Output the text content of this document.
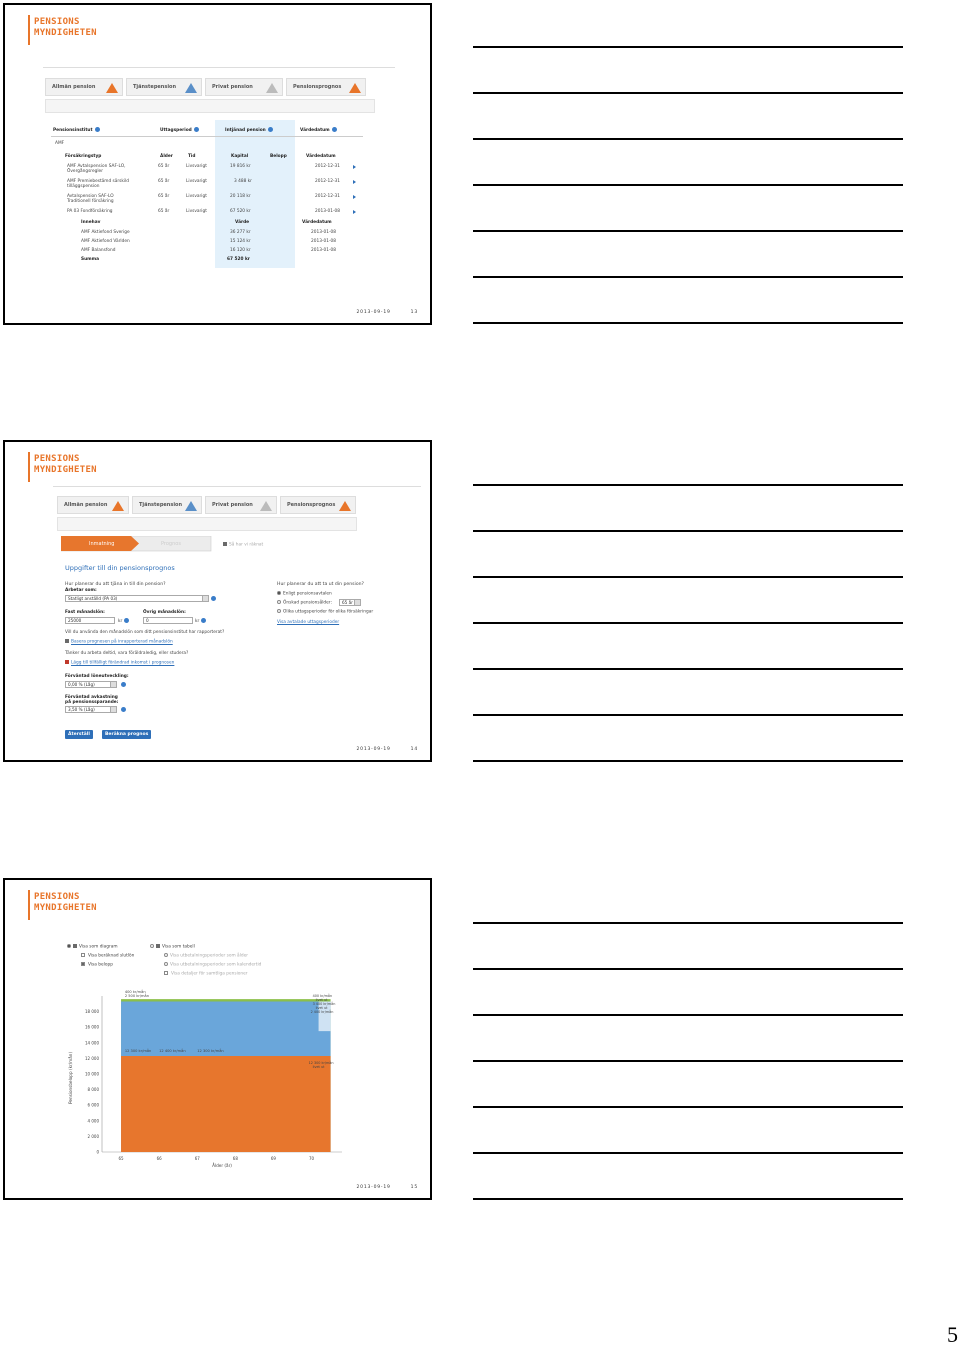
PENSIONS
MYNDIGHETEN
Allmän pension	Tjänstepension	Privat pension	Pensionsprognos
Pensionsinstitut	Uttagsperiod	Intjänad pension	Värdedatum
AMF
Försäkringstyp	Ålder	Tid	Kapital	Belopp	Värdedatum
AMF Avtalspension SAF-LO,
Övergångsregler
65 år	Livsvarigt	19 816 kr	2012-12-31
AMF Premiebestämd särskild
tilläggspension
65 år	Livsvarigt	3 488 kr	2012-12-31
Avtalspension SAF-LO
Traditionell försäkring
65 år	Livsvarigt	20 118 kr	2012-12-31
PA 03 Fondförsäkring	65 år	Livsvarigt	67 520 kr	2013-01-08
Innehav	Värde	Värdedatum
AMF Aktiefond Sverige	36 277 kr	2013-01-08
AMF Aktiefond Världen	15 124 kr	2013-01-08
AMF Balansfond	16 120 kr	2013-01-08
Summa	67 520 kr
2013-09-19	13
PENSIONS
MYNDIGHETEN
Allmän pension	Tjänstepension	Privat pension	Pensionsprognos
Inmatning	Prognos	Så har vi räknat
Uppgifter till din pensionsprognos
Hur planerar du att tjäna in till din pension?
Arbetar som:
Statligt anställd (PA 03)
Fast månadslön:
25000	kr
Övrig månadslön:
0	kr
Vill du använda den månadslön som ditt pensionsinstitut har rapporterat?
Basera prognosen på inrapporterad månadslön
Tänker du arbeta deltid, vara föräldraledig, eller studera?
Lägg till tillfälligt förändrad inkomst i prognosen
Förväntad löneutveckling:
0,00 % (Låg)
Förväntad avkastning
på pensionssparande:
3,50 % (Låg)
Hur planerar du att ta ut din pension?
Enligt pensionsavtalen
Önskad pensionsålder: 65 år
Olika uttagsperioder för olika försäkringar
Visa avtalade uttagsperioder
Återställ	Beräkna prognos
2013-09-19	14
PENSIONS
MYNDIGHETEN
Visa som diagram
Visa beräknad slutlön
Visa belopp
Visa som tabell
Visa utbetalningsperioder som ålder
Visa utbetalningsperioder som kalendertid
Visa detaljer för samtliga pensioner
0
2 000
4 000
6 000
8 000
10 000
12 000
14 000
16 000
18 000
65	66	67	68	69	70
Ålder (år)
Pensionsbelopp (kr/mån)
400 kr/mån
2 500 kr/mån
12 300 kr/mån 12 400 kr/mån	12 300 kr/mån
400 kr/mån
livet ut
3 400 kr/mån
livet ut
2 400 kr/mån
12 300 kr/mån
livet ut
2013-09-19	15
5
